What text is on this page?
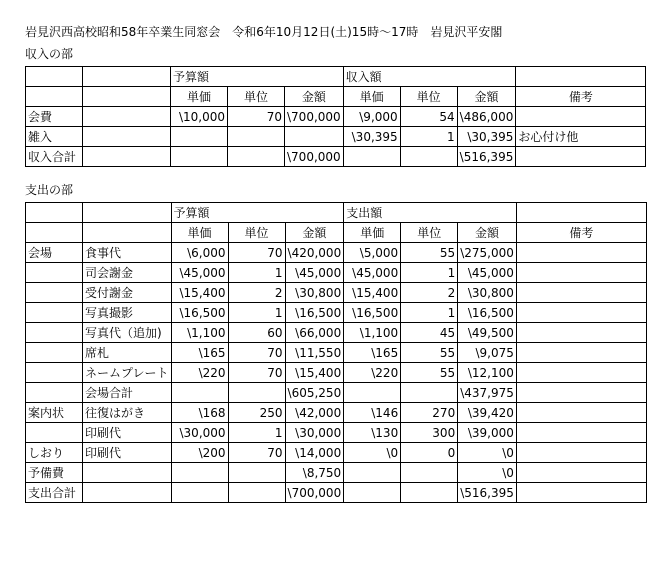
岩見沢西高校昭和58年卒業生同窓会　令和6年10月12日(土)15時～17時　岩見沢平安閣
収入の部
		予算額			収入額			
		単価	単位	金額	単価	単位	金額	備考
会費		\10,000	70	\700,000	\9,000	54	\486,000	
雑入					\30,395	1	\30,395	お心付け他
収入合計				\700,000			\516,395	
支出の部
		予算額			支出額			
		単価	単位	金額	単価	単位	金額	備考
会場	食事代	\6,000	70	\420,000	\5,000	55	\275,000	
	司会謝金	\45,000	1	\45,000	\45,000	1	\45,000	
	受付謝金	\15,400	2	\30,800	\15,400	2	\30,800	
	写真撮影	\16,500	1	\16,500	\16,500	1	\16,500	
	写真代（追加)	\1,100	60	\66,000	\1,100	45	\49,500	
	席札	\165	70	\11,550	\165	55	\9,075	
	ネームプレート	\220	70	\15,400	\220	55	\12,100	
	会場合計			\605,250			\437,975	
案内状	往復はがき	\168	250	\42,000	\146	270	\39,420	
	印刷代	\30,000	1	\30,000	\130	300	\39,000	
しおり	印刷代	\200	70	\14,000	\0	0	\0	
予備費				\8,750			\0	
支出合計				\700,000			\516,395	
